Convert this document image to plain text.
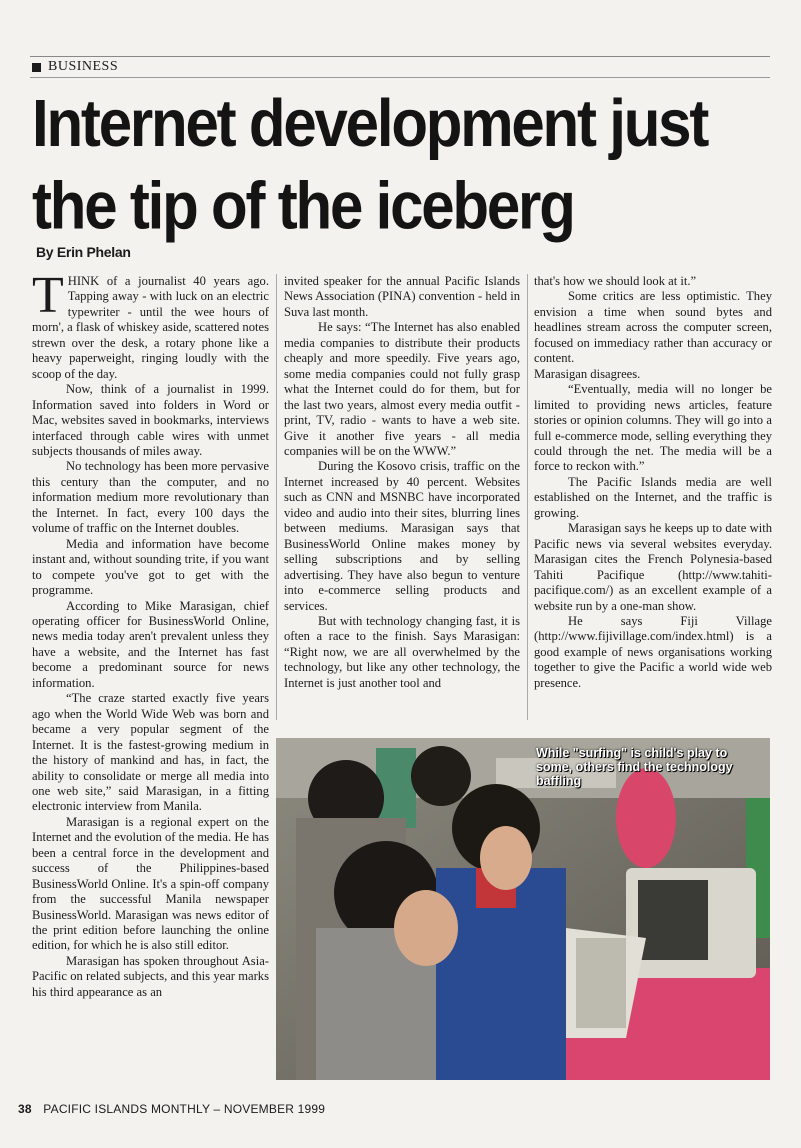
BUSINESS
Internet development just the tip of the iceberg
By Erin Phelan

THINK of a journalist 40 years ago. Tapping away - with luck on an electric typewriter - until the wee hours of morn', a flask of whiskey aside, scattered notes strewn over the desk, a rotary phone like a heavy paperweight, ringing loudly with the scoop of the day.

Now, think of a journalist in 1999. Information saved into folders in Word or Mac, websites saved in bookmarks, interviews interfaced through cable wires with unmet subjects thousands of miles away.

No technology has been more pervasive this century than the computer, and no information medium more revolutionary than the Internet. In fact, every 100 days the volume of traffic on the Internet doubles.

Media and information have become instant and, without sounding trite, if you want to compete you've got to get with the programme.

According to Mike Marasigan, chief operating officer for BusinessWorld Online, news media today aren't prevalent unless they have a website, and the Internet has fast become a predominant source for news information.

“The craze started exactly five years ago when the World Wide Web was born and became a very popular segment of the Internet. It is the fastest-growing medium in the history of mankind and has, in fact, the ability to consolidate or merge all media into one web site,” said Marasigan, in a fitting electronic interview from Manila.

Marasigan is a regional expert on the Internet and the evolution of the media. He has been a central force in the development and success of the Philippines-based BusinessWorld Online. It's a spin-off company from the successful Manila newspaper BusinessWorld. Marasigan was news editor of the print edition before launching the online edition, for which he is also still editor.

Marasigan has spoken throughout Asia-Pacific on related subjects, and this year marks his third appearance as an

invited speaker for the annual Pacific Islands News Association (PINA) convention - held in Suva last month.

He says: “The Internet has also enabled media companies to distribute their products cheaply and more speedily. Five years ago, some media companies could not fully grasp what the Internet could do for them, but for the last two years, almost every media outfit - print, TV, radio - wants to have a web site. Give it another five years - all media companies will be on the WWW.”

During the Kosovo crisis, traffic on the Internet increased by 40 percent. Websites such as CNN and MSNBC have incorporated video and audio into their sites, blurring lines between mediums. Marasigan says that BusinessWorld Online makes money by selling subscriptions and by selling advertising. They have also begun to venture into e-commerce selling products and services.

But with technology changing fast, it is often a race to the finish. Says Marasigan: “Right now, we are all overwhelmed by the technology, but like any other technology, the Internet is just another tool and

that's how we should look at it.”

Some critics are less optimistic. They envision a time when sound bytes and headlines stream across the computer screen, focused on immediacy rather than accuracy or content.

Marasigan disagrees.

“Eventually, media will no longer be limited to providing news articles, feature stories or opinion columns. They will go into a full e-commerce mode, selling everything they could through the net. The media will be a force to reckon with.”

The Pacific Islands media are well established on the Internet, and the traffic is growing.

Marasigan says he keeps up to date with Pacific news via several websites everyday. Marasigan cites the French Polynesia-based Tahiti Pacifique (http://www.tahiti-pacifique.com/) as an excellent example of a website run by a one-man show.

He says Fiji Village (http://www.fijivillage.com/index.html) is a good example of news organisations working together to give the Pacific a world wide web presence.

While "surfing" is child's play to some, others find the technology baffling
38 PACIFIC ISLANDS MONTHLY – NOVEMBER 1999
